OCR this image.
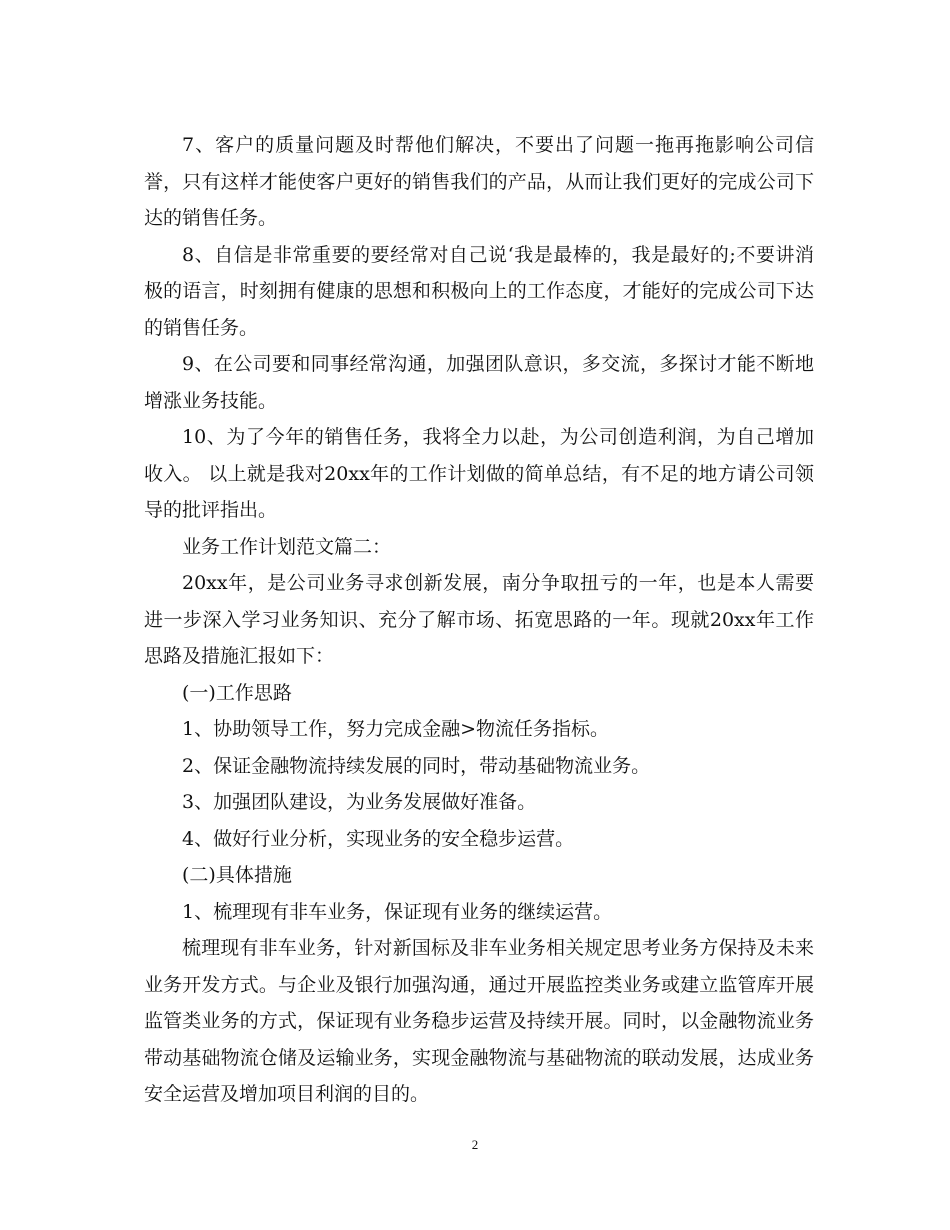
7、客户的质量问题及时帮他们解决，不要出了问题一拖再拖影响公司信誉，只有这样才能使客户更好的销售我们的产品，从而让我们更好的完成公司下达的销售任务。

8、自信是非常重要的要经常对自己说‘我是最棒的，我是最好的;不要讲消极的语言，时刻拥有健康的思想和积极向上的工作态度，才能好的完成公司下达的销售任务。

9、在公司要和同事经常沟通，加强团队意识，多交流，多探讨才能不断地增涨业务技能。

10、为了今年的销售任务，我将全力以赴，为公司创造利润，为自己增加收入。 以上就是我对20xx年的工作计划做的简单总结，有不足的地方请公司领导的批评指出。

业务工作计划范文篇二：

20xx年，是公司业务寻求创新发展，南分争取扭亏的一年，也是本人需要进一步深入学习业务知识、充分了解市场、拓宽思路的一年。现就20xx年工作思路及措施汇报如下：

(一)工作思路

1、协助领导工作，努力完成金融>物流任务指标。

2、保证金融物流持续发展的同时，带动基础物流业务。

3、加强团队建设，为业务发展做好准备。

4、做好行业分析，实现业务的安全稳步运营。

(二)具体措施

1、梳理现有非车业务，保证现有业务的继续运营。

梳理现有非车业务，针对新国标及非车业务相关规定思考业务方保持及未来业务开发方式。与企业及银行加强沟通，通过开展监控类业务或建立监管库开展监管类业务的方式，保证现有业务稳步运营及持续开展。同时，以金融物流业务带动基础物流仓储及运输业务，实现金融物流与基础物流的联动发展，达成业务安全运营及增加项目利润的目的。

2
